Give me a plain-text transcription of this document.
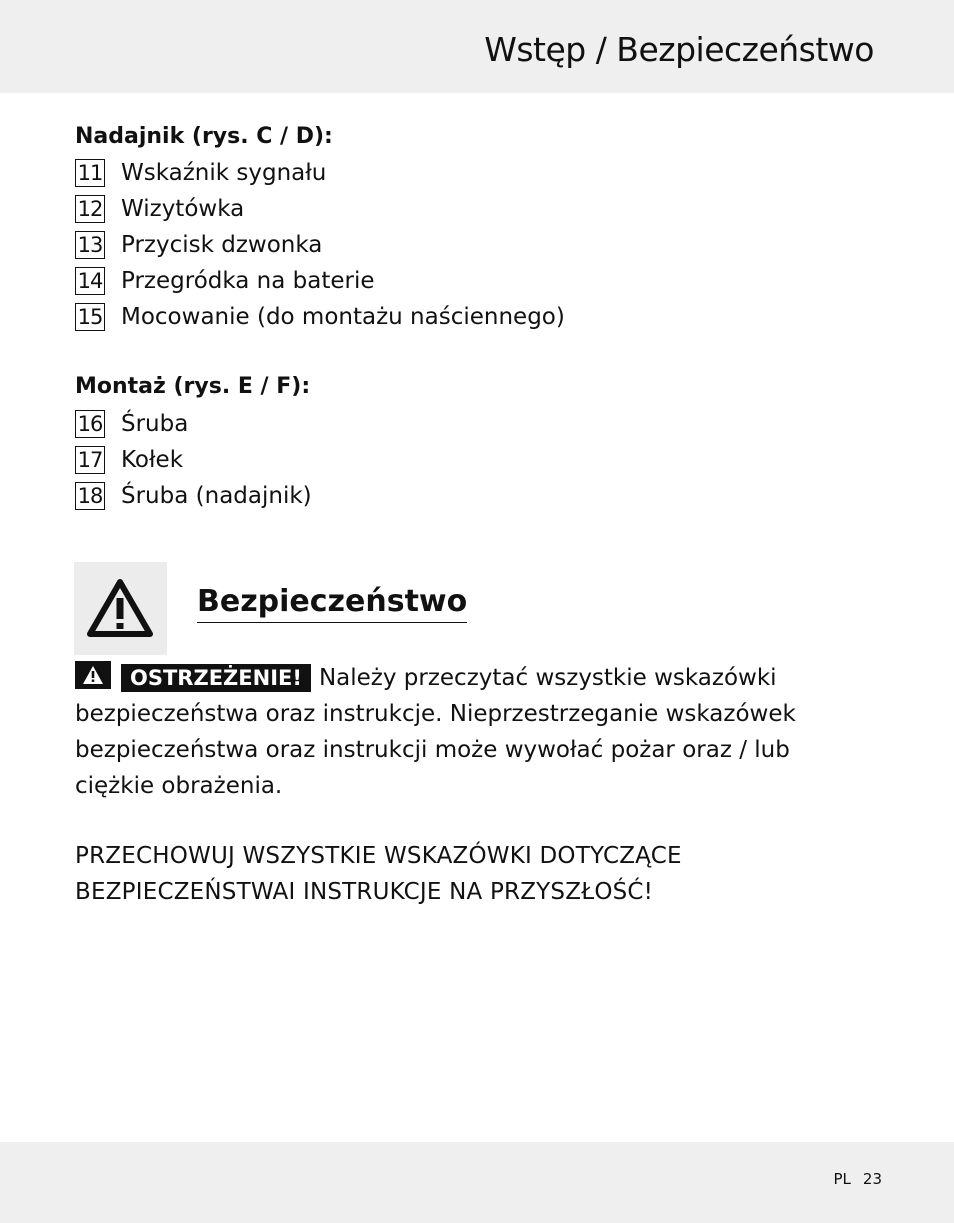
Wstęp / Bezpieczeństwo
Nadajnik (rys. C / D):
11 Wskaźnik sygnału
12 Wizytówka
13 Przycisk dzwonka
14 Przegródka na baterie
15 Mocowanie (do montażu naściennego)
Montaż (rys. E / F):
16 Śruba
17 Kołek
18 Śruba (nadajnik)
Bezpieczeństwo
OSTRZEŻENIE! Należy przeczytać wszystkie wskazówki bezpieczeństwa oraz instrukcje. Nieprzestrzeganie wskazówek bezpieczeństwa oraz instrukcji może wywołać pożar oraz / lub ciężkie obrażenia.
PRZECHOWUJ WSZYSTKIE WSKAZÓWKI DOTYCZĄCE
BEZPIECZEŃSTWAI INSTRUKCJE NA PRZYSZŁOŚĆ!
PL 23
